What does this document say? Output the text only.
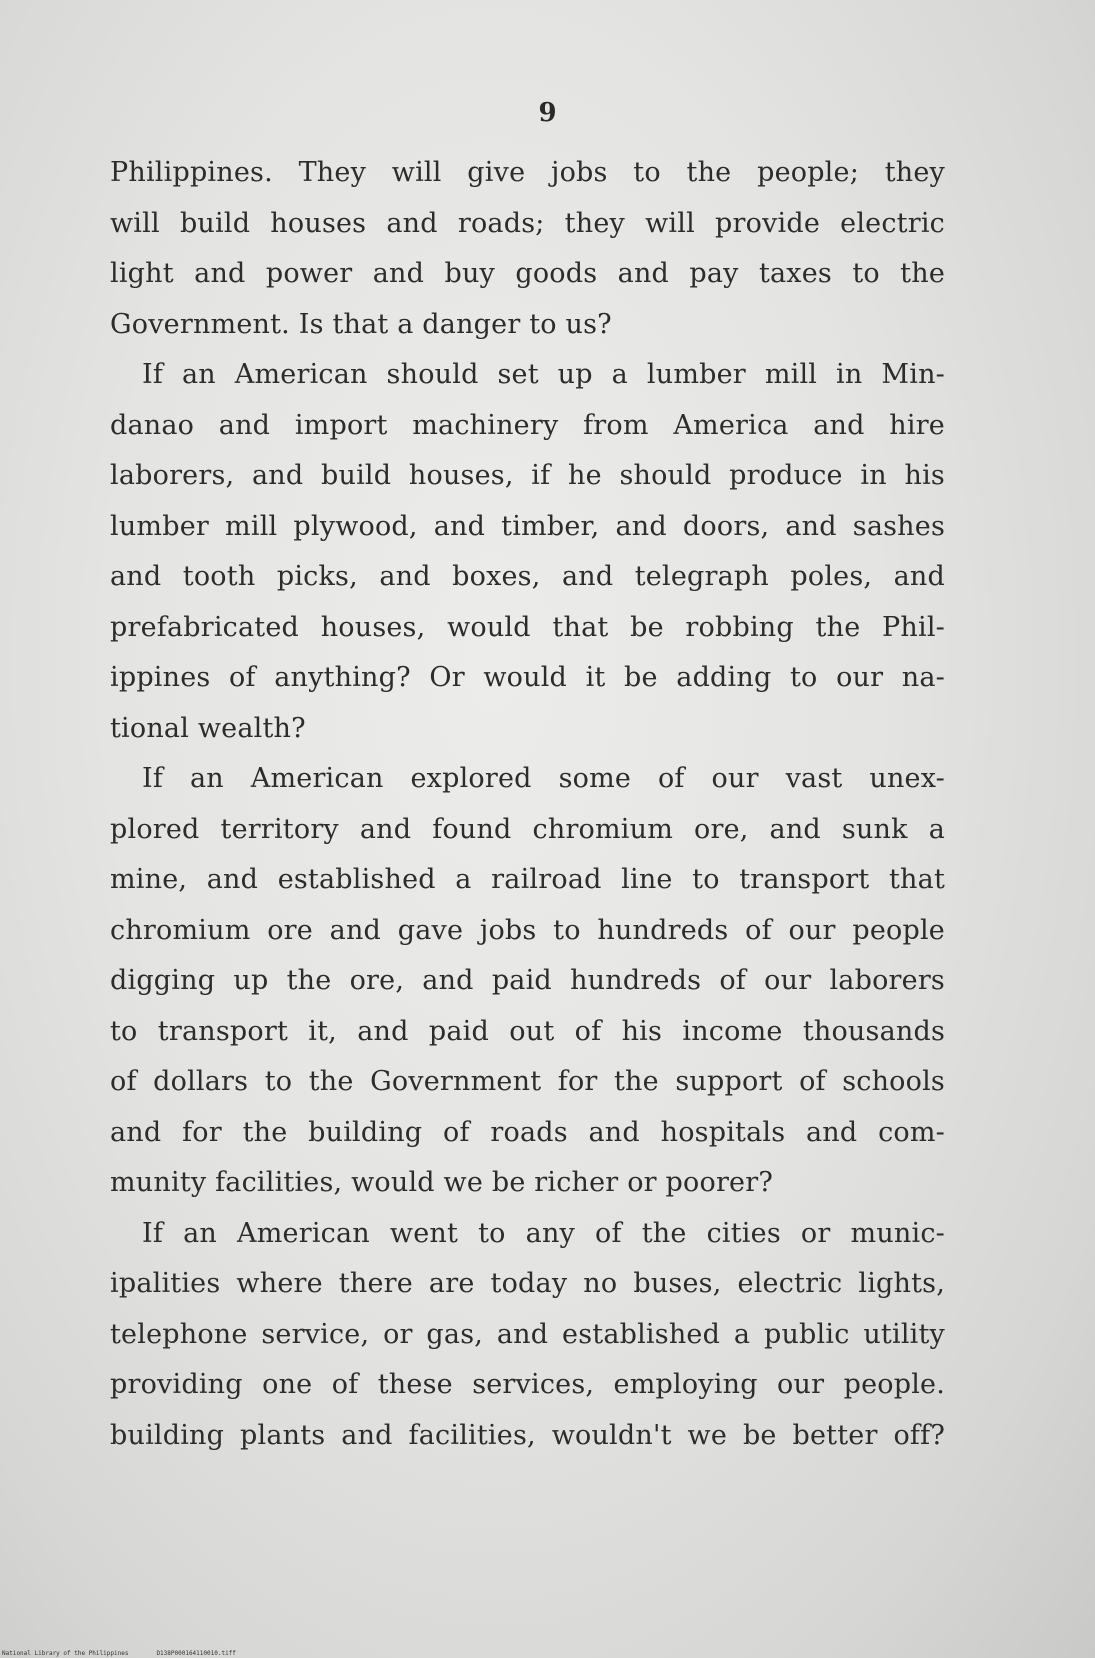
9

Philippines. They will give jobs to the people; they
will build houses and roads; they will provide electric
light and power and buy goods and pay taxes to the
Government. Is that a danger to us?

If an American should set up a lumber mill in Min-
danao and import machinery from America and hire
laborers, and build houses, if he should produce in his
lumber mill plywood, and timber, and doors, and sashes
and tooth picks, and boxes, and telegraph poles, and
prefabricated houses, would that be robbing the Phil-
ippines of anything? Or would it be adding to our na-
tional wealth?

If an American explored some of our vast unex-
plored territory and found chromium ore, and sunk a
mine, and established a railroad line to transport that
chromium ore and gave jobs to hundreds of our people
digging up the ore, and paid hundreds of our laborers
to transport it, and paid out of his income thousands
of dollars to the Government for the support of schools
and for the building of roads and hospitals and com-
munity facilities, would we be richer or poorer?

If an American went to any of the cities or munic-
ipalities where there are today no buses, electric lights,
telephone service, or gas, and established a public utility
providing one of these services, employing our people.
building plants and facilities, wouldn't we be better off?

National Library of the Philippines	D138P000164110010.tiff
